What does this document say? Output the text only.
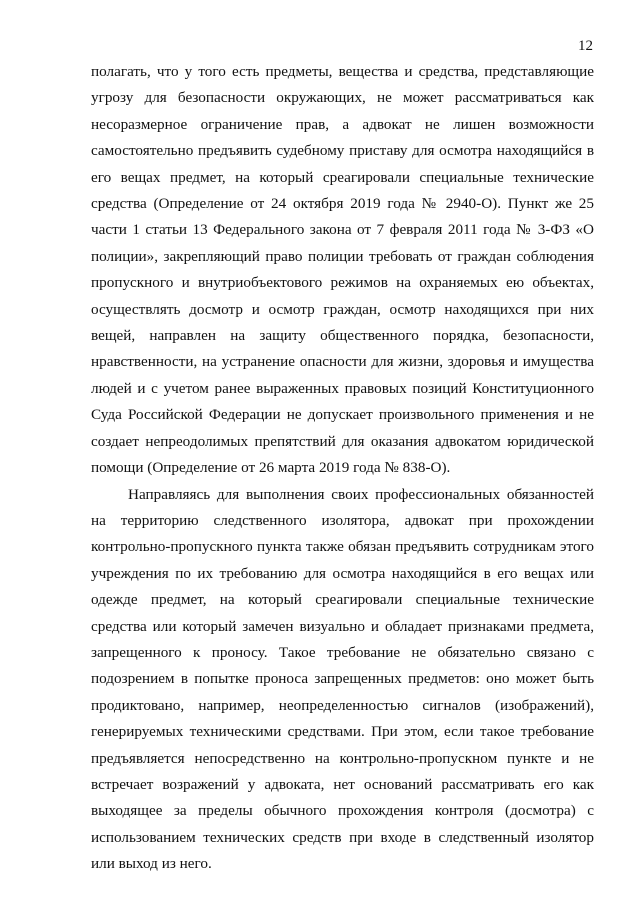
12

полагать, что у того есть предметы, вещества и средства, представляющие угрозу для безопасности окружающих, не может рассматриваться как несоразмерное ограничение прав, а адвокат не лишен возможности самостоятельно предъявить судебному приставу для осмотра находящийся в его вещах предмет, на который среагировали специальные технические средства (Определение от 24 октября 2019 года № 2940-О). Пункт же 25 части 1 статьи 13 Федерального закона от 7 февраля 2011 года № 3-ФЗ «О полиции», закрепляющий право полиции требовать от граждан соблюдения пропускного и внутриобъектового режимов на охраняемых ею объектах, осуществлять досмотр и осмотр граждан, осмотр находящихся при них вещей, направлен на защиту общественного порядка, безопасности, нравственности, на устранение опасности для жизни, здоровья и имущества людей и с учетом ранее выраженных правовых позиций Конституционного Суда Российской Федерации не допускает произвольного применения и не создает непреодолимых препятствий для оказания адвокатом юридической помощи (Определение от 26 марта 2019 года № 838-О).

Направляясь для выполнения своих профессиональных обязанностей на территорию следственного изолятора, адвокат при прохождении контрольно-пропускного пункта также обязан предъявить сотрудникам этого учреждения по их требованию для осмотра находящийся в его вещах или одежде предмет, на который среагировали специальные технические средства или который замечен визуально и обладает признаками предмета, запрещенного к проносу. Такое требование не обязательно связано с подозрением в попытке проноса запрещенных предметов: оно может быть продиктовано, например, неопределенностью сигналов (изображений), генерируемых техническими средствами. При этом, если такое требование предъявляется непосредственно на контрольно-пропускном пункте и не встречает возражений у адвоката, нет оснований рассматривать его как выходящее за пределы обычного прохождения контроля (досмотра) с использованием технических средств при входе в следственный изолятор или выход из него.
